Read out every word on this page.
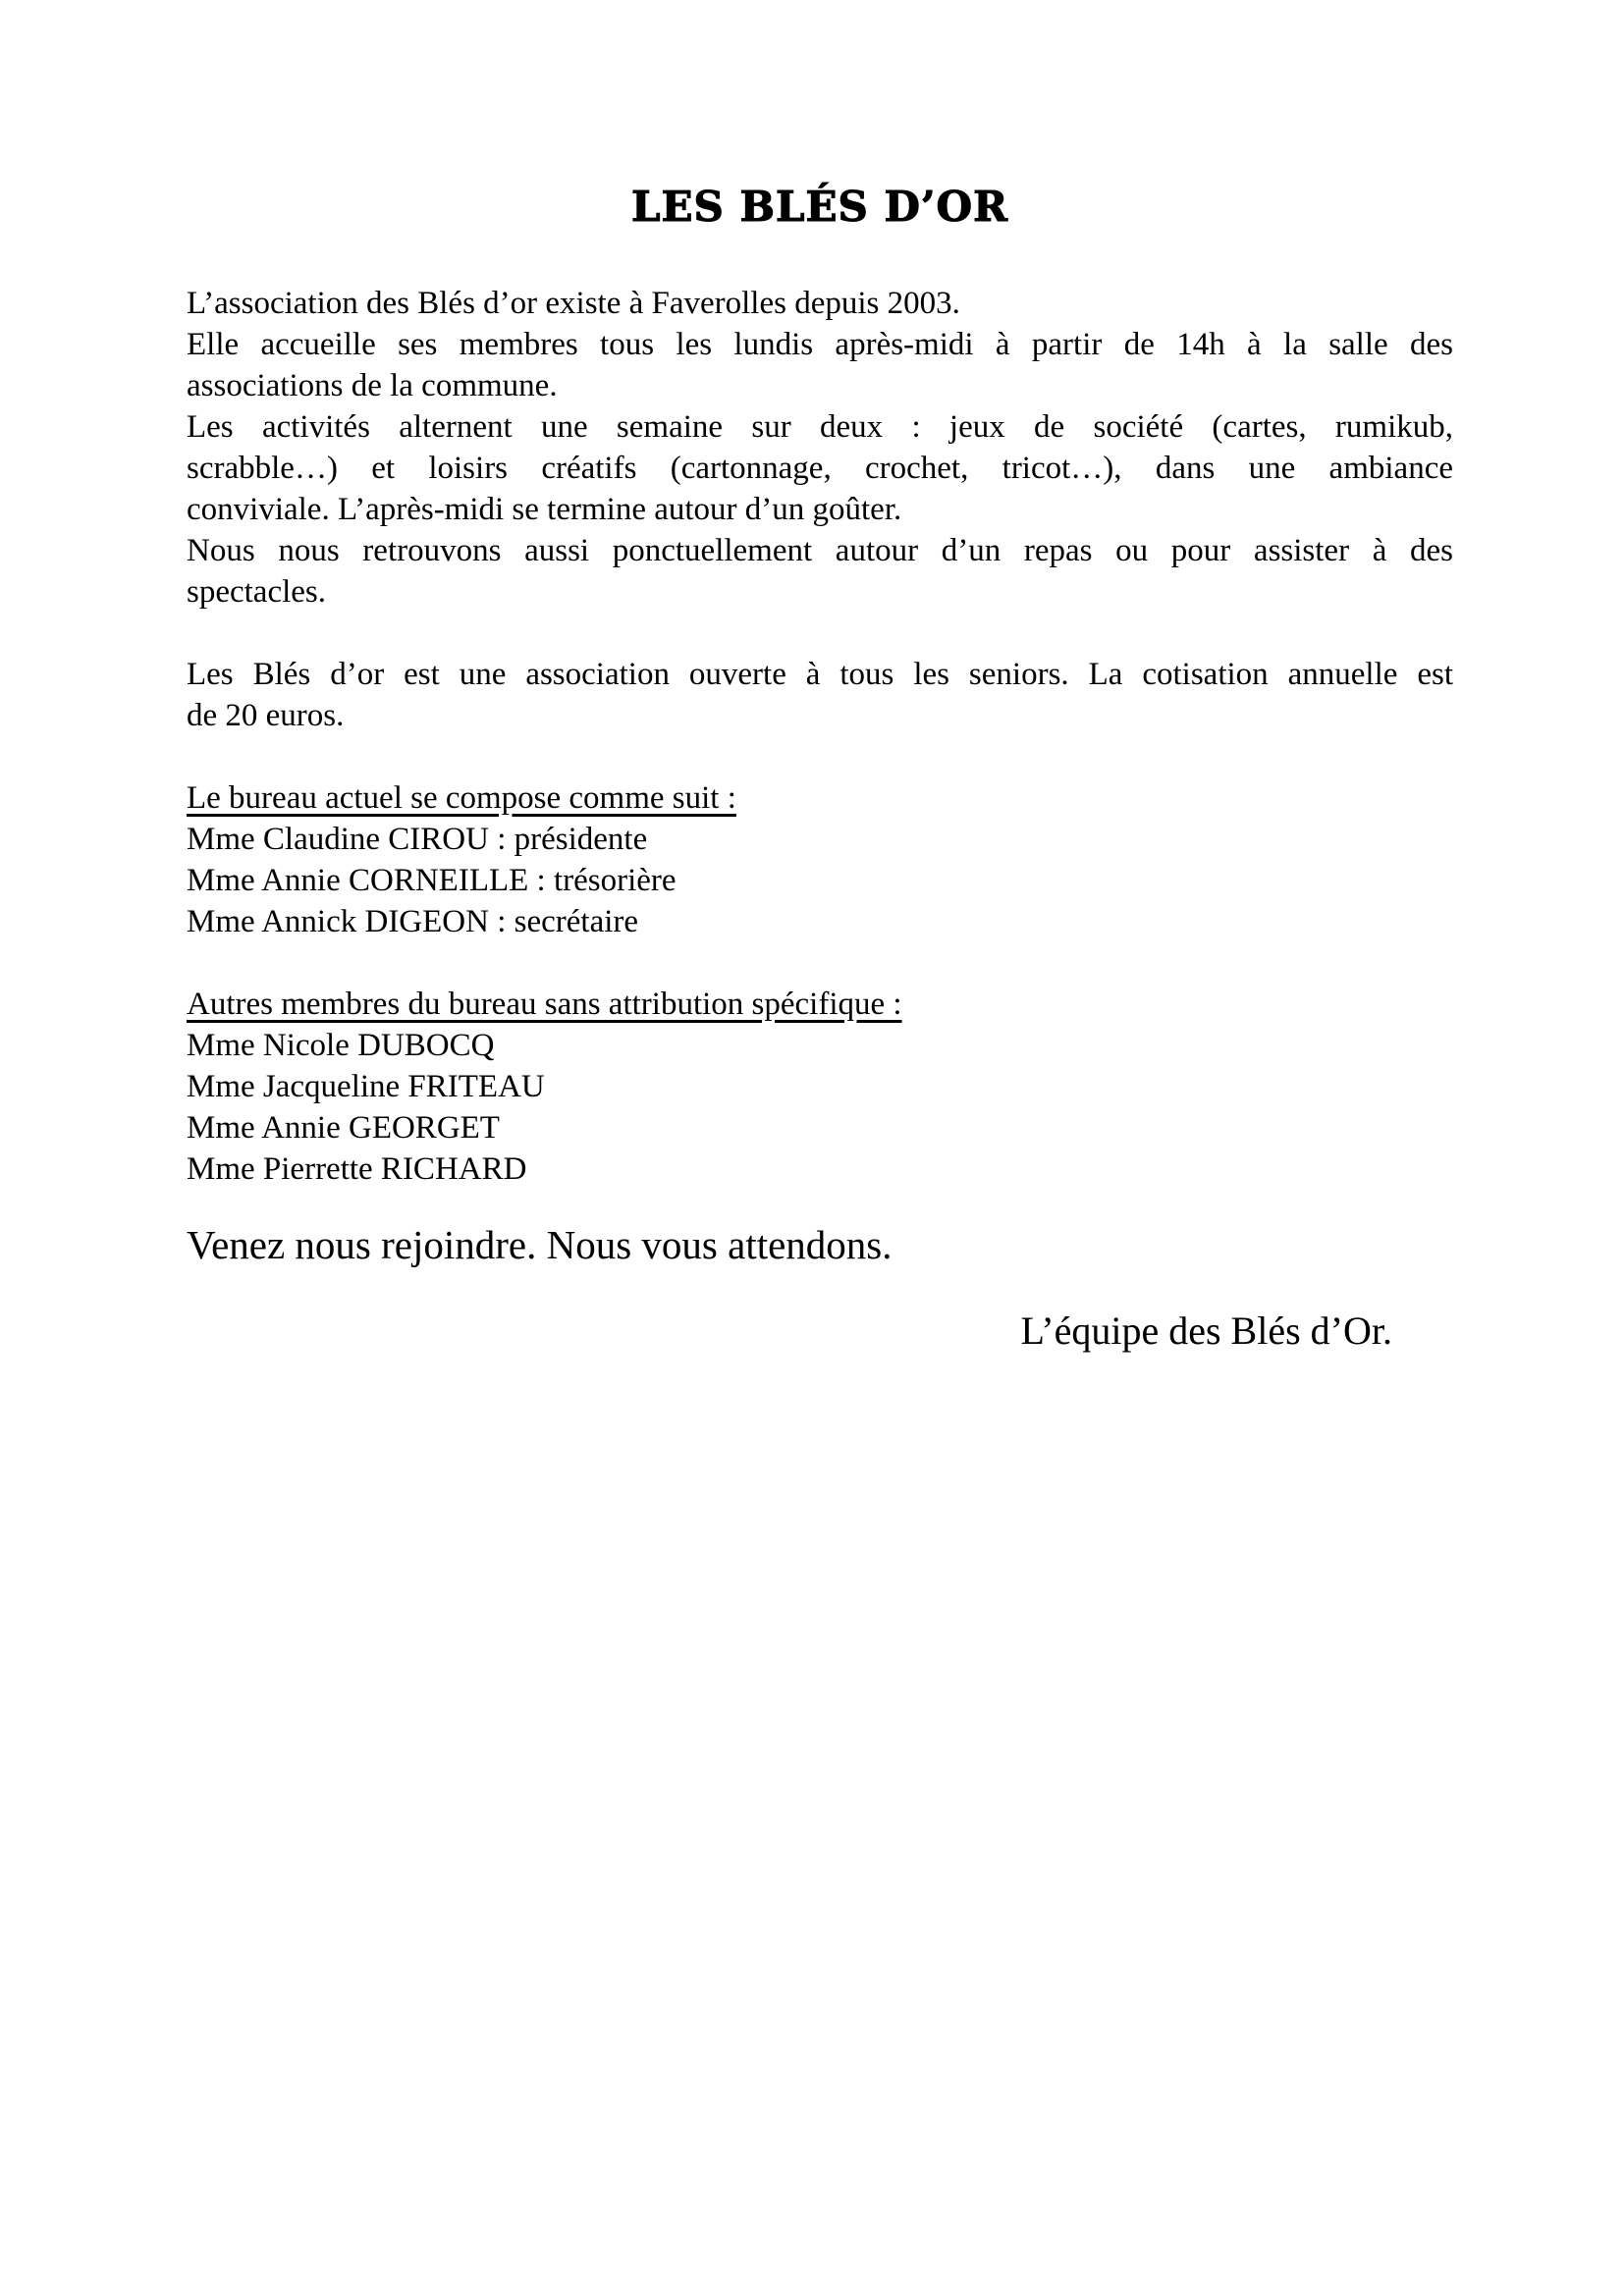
LES BLÉS D’OR

L’association des Blés d’or existe à Faverolles depuis 2003.

Elle accueille ses membres tous les lundis après-midi à partir de 14h à la salle des

associations de la commune.

Les activités alternent une semaine sur deux : jeux de société (cartes, rumikub,

scrabble…) et loisirs créatifs (cartonnage, crochet, tricot…), dans une ambiance

conviviale. L’après-midi se termine autour d’un goûter.

Nous nous retrouvons aussi ponctuellement autour d’un repas ou pour assister à des

spectacles.

Les Blés d’or est une association ouverte à tous les seniors. La cotisation annuelle est

de 20 euros.

Le bureau actuel se compose comme suit :

Mme Claudine CIROU : présidente

Mme Annie CORNEILLE : trésorière

Mme Annick DIGEON : secrétaire

Autres membres du bureau sans attribution spécifique :

Mme Nicole DUBOCQ

Mme Jacqueline FRITEAU

Mme Annie GEORGET

Mme Pierrette RICHARD

Venez nous rejoindre. Nous vous attendons.

L’équipe des Blés d’Or.
